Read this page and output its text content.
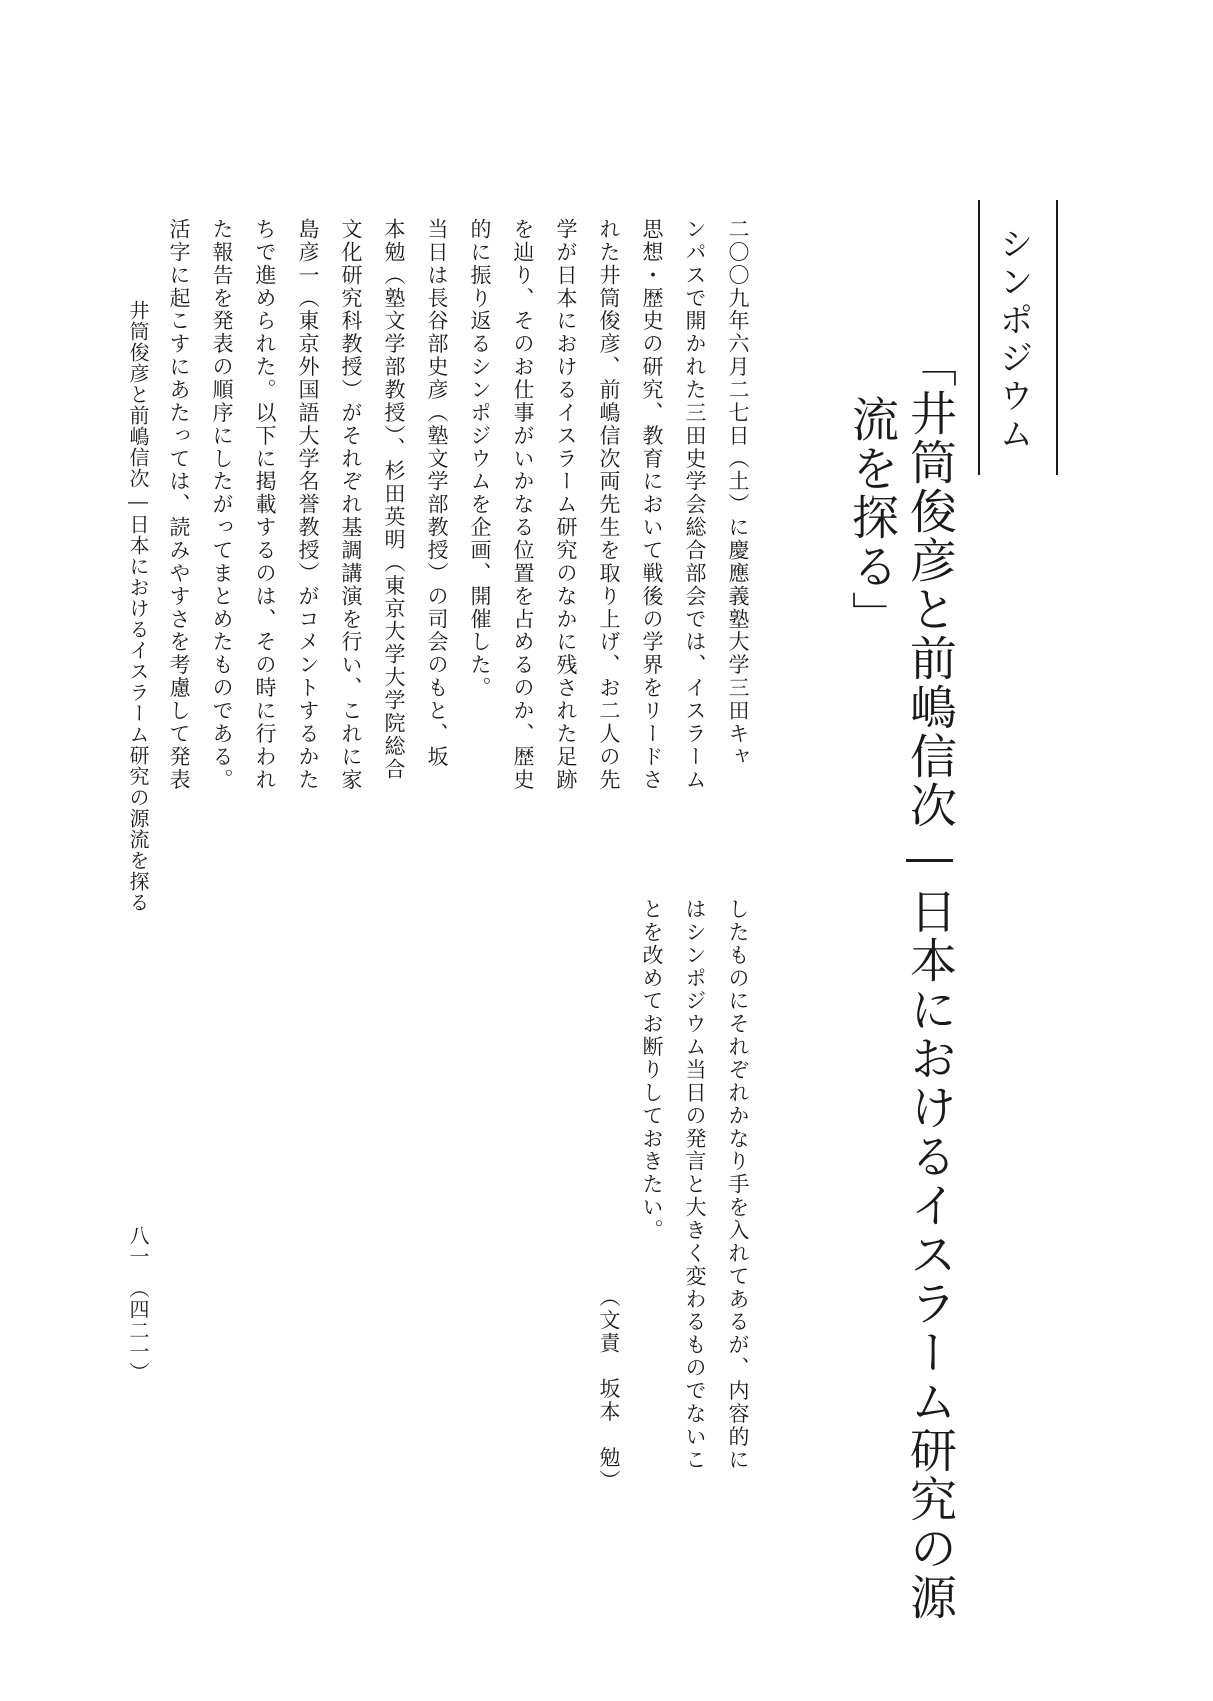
シンポジウム
「井筒俊彦と前嶋信次―日本におけるイスラーム研究の源
流を探る」
二〇〇九年六月二七日（土）に慶應義塾大学三田キャ
ンパスで開かれた三田史学会総合部会では、イスラーム
思想・歴史の研究、教育において戦後の学界をリードさ
れた井筒俊彦、前嶋信次両先生を取り上げ、お二人の先
学が日本におけるイスラーム研究のなかに残された足跡
を辿り、そのお仕事がいかなる位置を占めるのか、歴史
的に振り返るシンポジウムを企画、開催した。
当日は長谷部史彦（塾文学部教授）の司会のもと、坂
本勉（塾文学部教授）、杉田英明（東京大学大学院総合
文化研究科教授）がそれぞれ基調講演を行い、これに家
島彦一（東京外国語大学名誉教授）がコメントするかた
ちで進められた。以下に掲載するのは、その時に行われ
た報告を発表の順序にしたがってまとめたものである。
活字に起こすにあたっては、読みやすさを考慮して発表
したものにそれぞれかなり手を入れてあるが、内容的に
はシンポジウム当日の発言と大きく変わるものでないこ
とを改めてお断りしておきたい。
（文責　坂本　勉）
井筒俊彦と前嶋信次―日本におけるイスラーム研究の源流を探る
八一　（四二一）
